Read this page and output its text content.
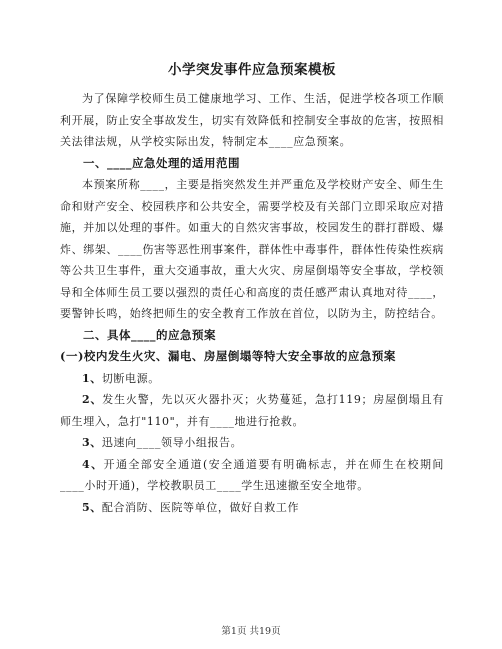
小学突发事件应急预案模板

为了保障学校师生员工健康地学习、工作、生活，促进学校各项工作顺利开展，防止安全事故发生，切实有效降低和控制安全事故的危害，按照相关法律法规，从学校实际出发，特制定本____应急预案。

一、____应急处理的适用范围

本预案所称____，主要是指突然发生并严重危及学校财产安全、师生生命和财产安全、校园秩序和公共安全，需要学校及有关部门立即采取应对措施，并加以处理的事件。如重大的自然灾害事故，校园发生的群打群殴、爆炸、绑架、____伤害等恶性刑事案件，群体性中毒事件，群体性传染性疾病等公共卫生事件，重大交通事故，重大火灾、房屋倒塌等安全事故，学校领导和全体师生员工要以强烈的责任心和高度的责任感严肃认真地对待____，要警钟长鸣，始终把师生的安全教育工作放在首位，以防为主，防控结合。

二、具体____的应急预案
(一)校内发生火灾、漏电、房屋倒塌等特大安全事故的应急预案

1、切断电源。

2、发生火警，先以灭火器扑灭；火势蔓延，急打119；房屋倒塌且有师生埋入，急打"110"，并有____地进行抢救。

3、迅速向____领导小组报告。

4、开通全部安全通道(安全通道要有明确标志，并在师生在校期间____小时开通)，学校教职员工____学生迅速撤至安全地带。

5、配合消防、医院等单位，做好自救工作

第1页 共19页
